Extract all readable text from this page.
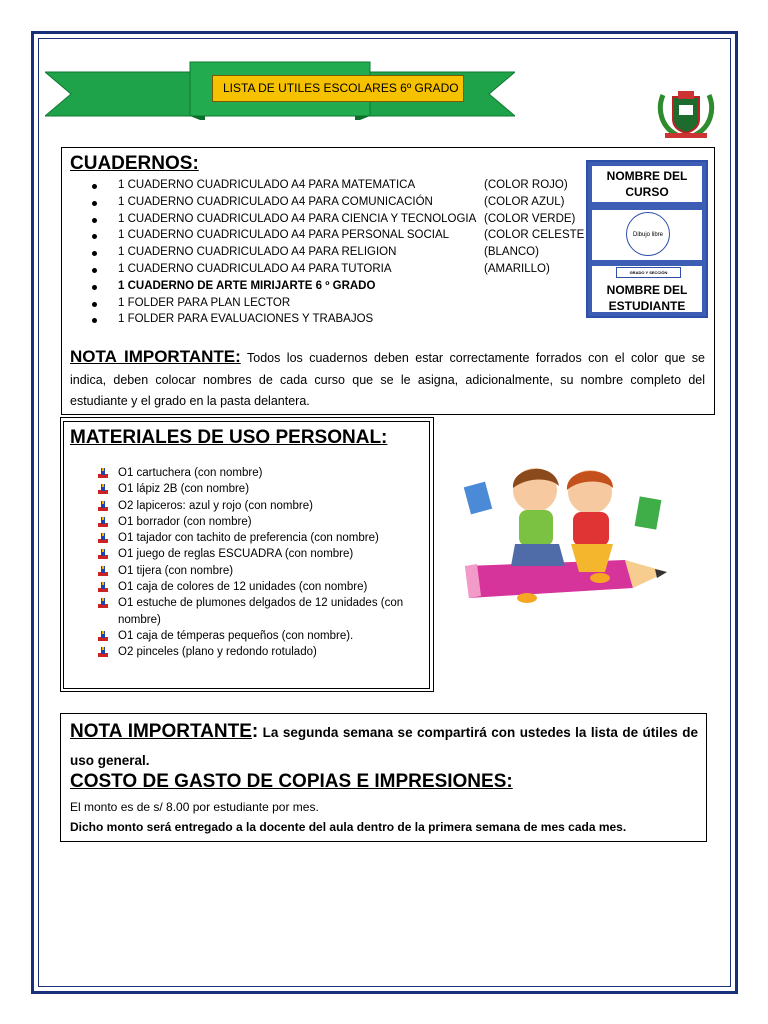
LISTA DE UTILES ESCOLARES 6º GRADO
CUADERNOS:
1 CUADERNO CUADRICULADO A4 PARA MATEMATICA	(COLOR ROJO)
1 CUADERNO CUADRICULADO A4 PARA COMUNICACIÓN	(COLOR AZUL)
1 CUADERNO CUADRICULADO A4 PARA CIENCIA Y TECNOLOGIA (COLOR VERDE)
1 CUADERNO CUADRICULADO A4 PARA PERSONAL SOCIAL	(COLOR CELESTE
1 CUADERNO CUADRICULADO A4 PARA RELIGION	(BLANCO)
1 CUADERNO CUADRICULADO A4 PARA TUTORIA	(AMARILLO)
1 CUADERNO DE ARTE MIRIJARTE 6 º GRADO
1 FOLDER PARA PLAN LECTOR
1 FOLDER PARA EVALUACIONES Y TRABAJOS
NOMBRE DEL CURSO
Dibujo libre
GRADO Y SECCIÓN
NOMBRE DEL ESTUDIANTE
NOTA IMPORTANTE: Todos los cuadernos deben estar correctamente forrados con el color que se indica, deben colocar nombres de cada curso que se le asigna, adicionalmente, su nombre completo del estudiante y el grado en la pasta delantera.
MATERIALES DE USO PERSONAL:
O1 cartuchera (con nombre)
O1 lápiz 2B (con nombre)
O2 lapiceros: azul y rojo (con nombre)
O1 borrador (con nombre)
O1 tajador con tachito de preferencia (con nombre)
O1 juego de reglas ESCUADRA (con nombre)
O1 tijera (con nombre)
O1 caja de colores de 12 unidades (con nombre)
O1 estuche de plumones delgados de 12 unidades (con nombre)
O1 caja de témperas pequeños (con nombre).
O2 pinceles (plano y redondo rotulado)
NOTA IMPORTANTE: La segunda semana se compartirá con ustedes la lista de útiles de uso general.
COSTO DE GASTO DE COPIAS E IMPRESIONES:
El monto es de s/ 8.00 por estudiante por mes.
Dicho monto será entregado a la docente del aula dentro de la primera semana de mes cada mes.
